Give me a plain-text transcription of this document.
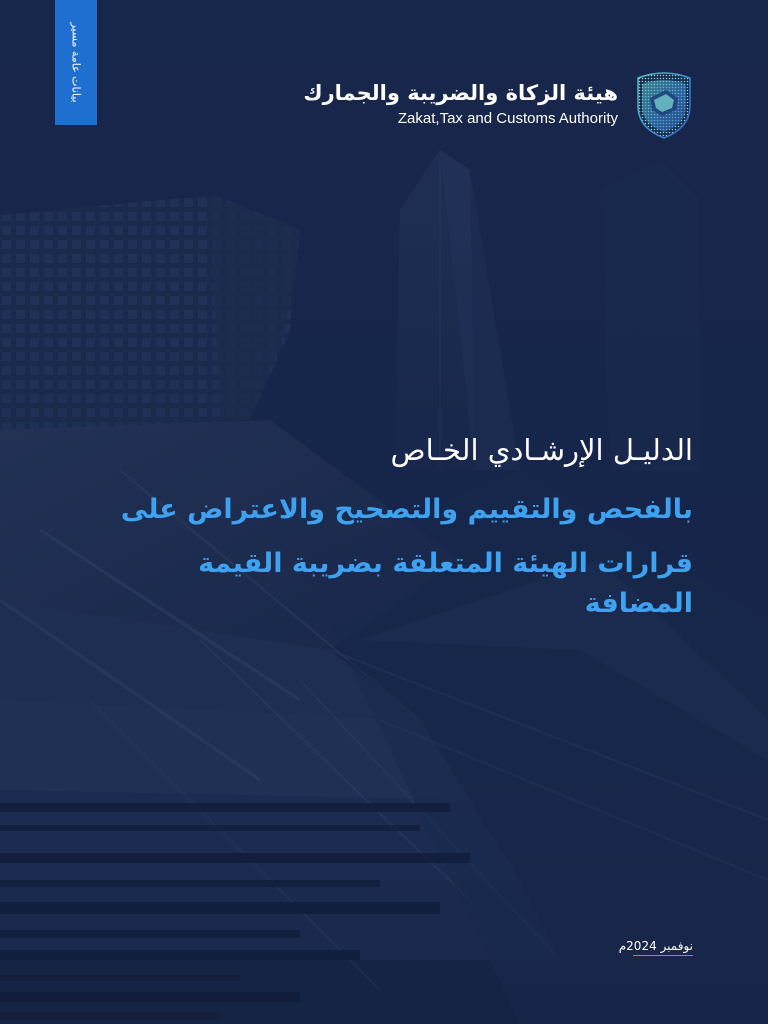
بيانات عامة مسير	هيئة الزكاة والضريبة والجمارك
Zakat,Tax and Customs Authority
الدليـل الإرشـادي الخـاص
بالفحص والتقييم والتصحيح والاعتراض على
قرارات الهيئة المتعلقة بضريبة القيمة المضافة
نوفمبر 2024م
